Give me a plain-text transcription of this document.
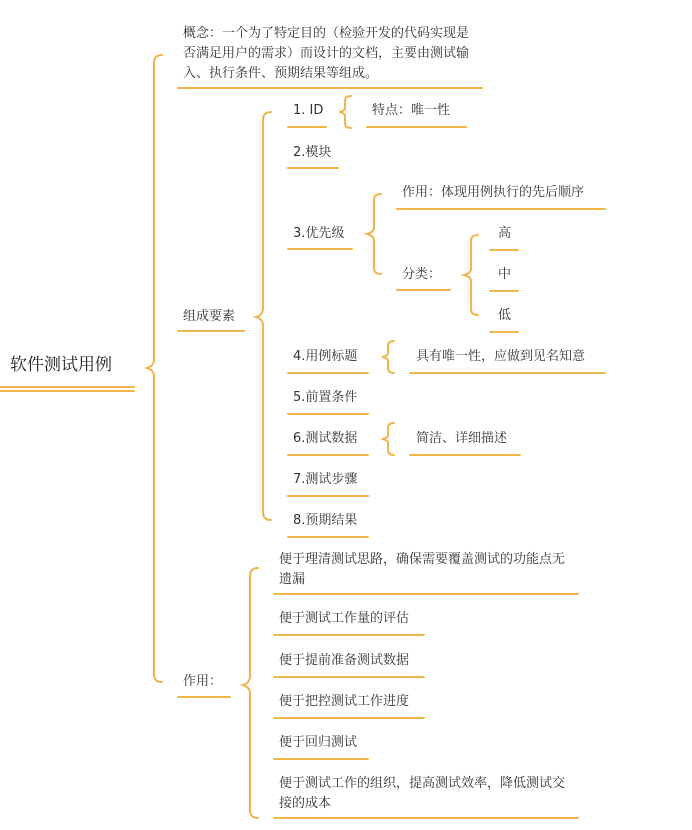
软件测试用例
概念：一个为了特定目的（检验开发的代码实现是否满足用户的需求）而设计的文档，主要由测试输入、执行条件、预期结果等组成。
组成要素
1. ID	特点：唯一性
2.模块
3.优先级
作用：体现用例执行的先后顺序
分类：
高
中
低
4.用例标题	具有唯一性，应做到见名知意
5.前置条件
6.测试数据	简洁、详细描述
7.测试步骤
8.预期结果
作用：
便于理清测试思路，确保需要覆盖测试的功能点无遗漏
便于测试工作量的评估
便于提前准备测试数据
便于把控测试工作进度
便于回归测试
便于测试工作的组织，提高测试效率，降低测试交接的成本
